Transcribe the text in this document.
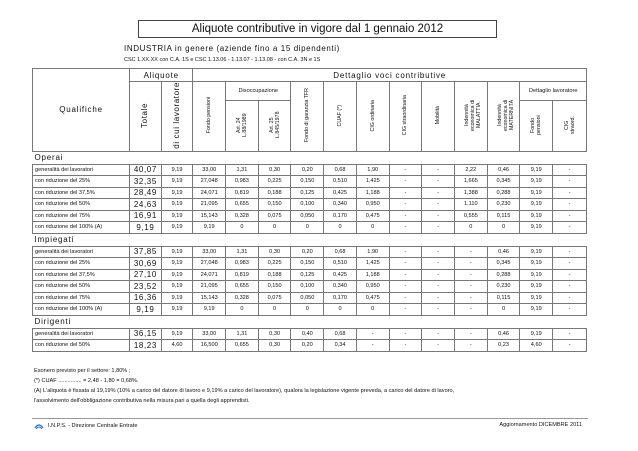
Aliquote contributive in vigore dal 1 gennaio 2012
INDUSTRIA in genere (aziende fino a 15 dipendenti)
CSC 1.XX.XX con C.A. 1S e CSC 1.13.06 - 1.13.07 - 1.13.08 - con C.A. 3N e 1S
Qualifiche	Aliquote		Dettaglio voci contributive											
	Totale	di cui lavoratore	Fondo pensioni	Disoccupazione		Fondo di garanzia TFR	CUAF (*)	CIG ordinaria	CIG straordinaria	Mobilità	Indennità economica di MALATTIA	Indennità economica di MATERNITÀ	Dettaglio lavoratore	
				Art. 24 L.88/1989	Art. 25 L.845/1978								Fondo pensioni	CIG straord.
Operai														
generalità dei lavoratori	40,07	9,19	33,00	1,31	0,30	0,20	0,68	1,90	-	-	2,22	0,46	9,19	-
con riduzione del 25%	32,35	9,19	27,048	0,983	0,225	0,150	0,510	1,425	-	-	1,665	0,345	9,19	-
con riduzione del 37,5%	28,49	9,19	24,071	0,819	0,188	0,125	0,425	1,188	-	-	1,388	0,288	9,19	-
con riduzione del 50%	24,63	9,19	21,095	0,655	0,150	0,100	0,340	0,950	-	-	1,110	0,230	9,19	-
con riduzione del 75%	16,91	9,19	15,143	0,328	0,075	0,050	0,170	0,475	-	-	0,555	0,115	9,19	-
con riduzione del 100% (A)	9,19	9,19	9,19	0	0	0	0	0	-	-	0	0	9,19	-
Impiegati														
generalità dei lavoratori	37,85	9,19	33,00	1,31	0,30	0,20	0,68	1,90	-	-	-	0,46	9,19	-
con riduzione del 25%	30,69	9,19	27,048	0,983	0,225	0,150	0,510	1,425	-	-	-	0,345	9,19	-
con riduzione del 37,5%	27,10	9,19	24,071	0,819	0,188	0,125	0,425	1,188	-	-	-	0,288	9,19	-
con riduzione del 50%	23,52	9,19	21,095	0,655	0,150	0,100	0,340	0,950	-	-	-	0,230	9,19	-
con riduzione del 75%	16,36	9,19	15,143	0,328	0,075	0,050	0,170	0,475	-	-	-	0,115	9,19	-
con riduzione del 100% (A)	9,19	9,19	9,19	0	0	0	0	0	-	-	-	0	9,19	-
Dirigenti														
generalità dei lavoratori	36,15	9,19	33,00	1,31	0,30	0,40	0,68	-	-	-	-	0,46	9,19	-
con riduzione del 50%	18,23	4,60	16,500	0,655	0,30	0,20	0,34	-	-	-	-	0,23	4,60	-
Esonero previsto per il settore: 1,80% ;
(*) CUAF ............... = 2,48 - 1,80 = 0,68%.
(A) L'aliquota è fissata al 19,19% (10% a carico del datore di lavoro e 9,19% a carico del lavoratore), qualora la legislazione vigente preveda, a carico del datore di lavoro,
l'assolvimento dell'obbligazione contributiva nella misura pari a quella degli apprendisti.
I.N.P.S. - Direzione Centrale Entrate	Aggiornamento DICEMBRE 2011
